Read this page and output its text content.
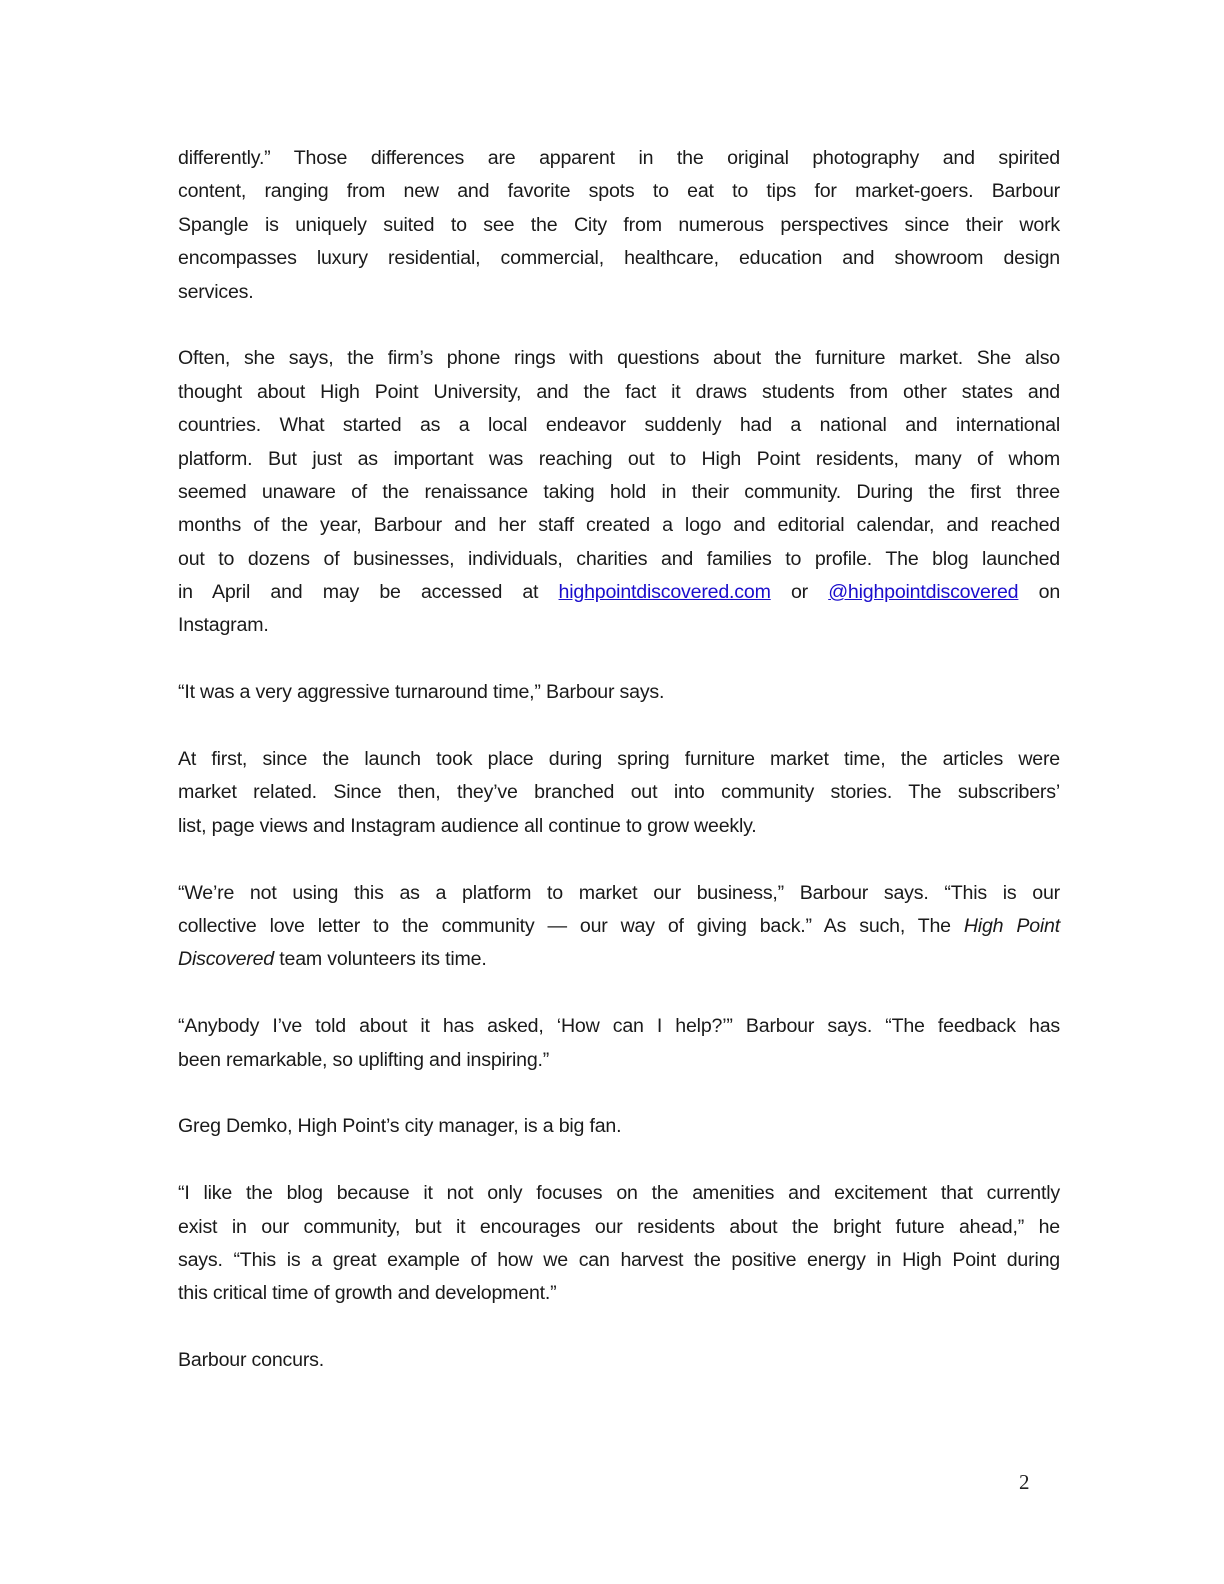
differently.” Those differences are apparent in the original photography and spirited
content, ranging from new and favorite spots to eat to tips for market-goers. Barbour
Spangle is uniquely suited to see the City from numerous perspectives since their work
encompasses luxury residential, commercial, healthcare, education and showroom design
services.

Often, she says, the firm’s phone rings with questions about the furniture market. She also
thought about High Point University, and the fact it draws students from other states and
countries. What started as a local endeavor suddenly had a national and international
platform. But just as important was reaching out to High Point residents, many of whom
seemed unaware of the renaissance taking hold in their community. During the first three
months of the year, Barbour and her staff created a logo and editorial calendar, and reached
out to dozens of businesses, individuals, charities and families to profile. The blog launched
in April and may be accessed at highpointdiscovered.com or @highpointdiscovered on
Instagram.

“It was a very aggressive turnaround time,” Barbour says.

At first, since the launch took place during spring furniture market time, the articles were
market related. Since then, they’ve branched out into community stories. The subscribers’
list, page views and Instagram audience all continue to grow weekly.

“We’re not using this as a platform to market our business,” Barbour says. “This is our
collective love letter to the community — our way of giving back.” As such, The High Point
Discovered team volunteers its time.

“Anybody I’ve told about it has asked, ‘How can I help?’” Barbour says. “The feedback has
been remarkable, so uplifting and inspiring.”

Greg Demko, High Point’s city manager, is a big fan.

“I like the blog because it not only focuses on the amenities and excitement that currently
exist in our community, but it encourages our residents about the bright future ahead,” he
says. “This is a great example of how we can harvest the positive energy in High Point during
this critical time of growth and development.”

Barbour concurs.

2
